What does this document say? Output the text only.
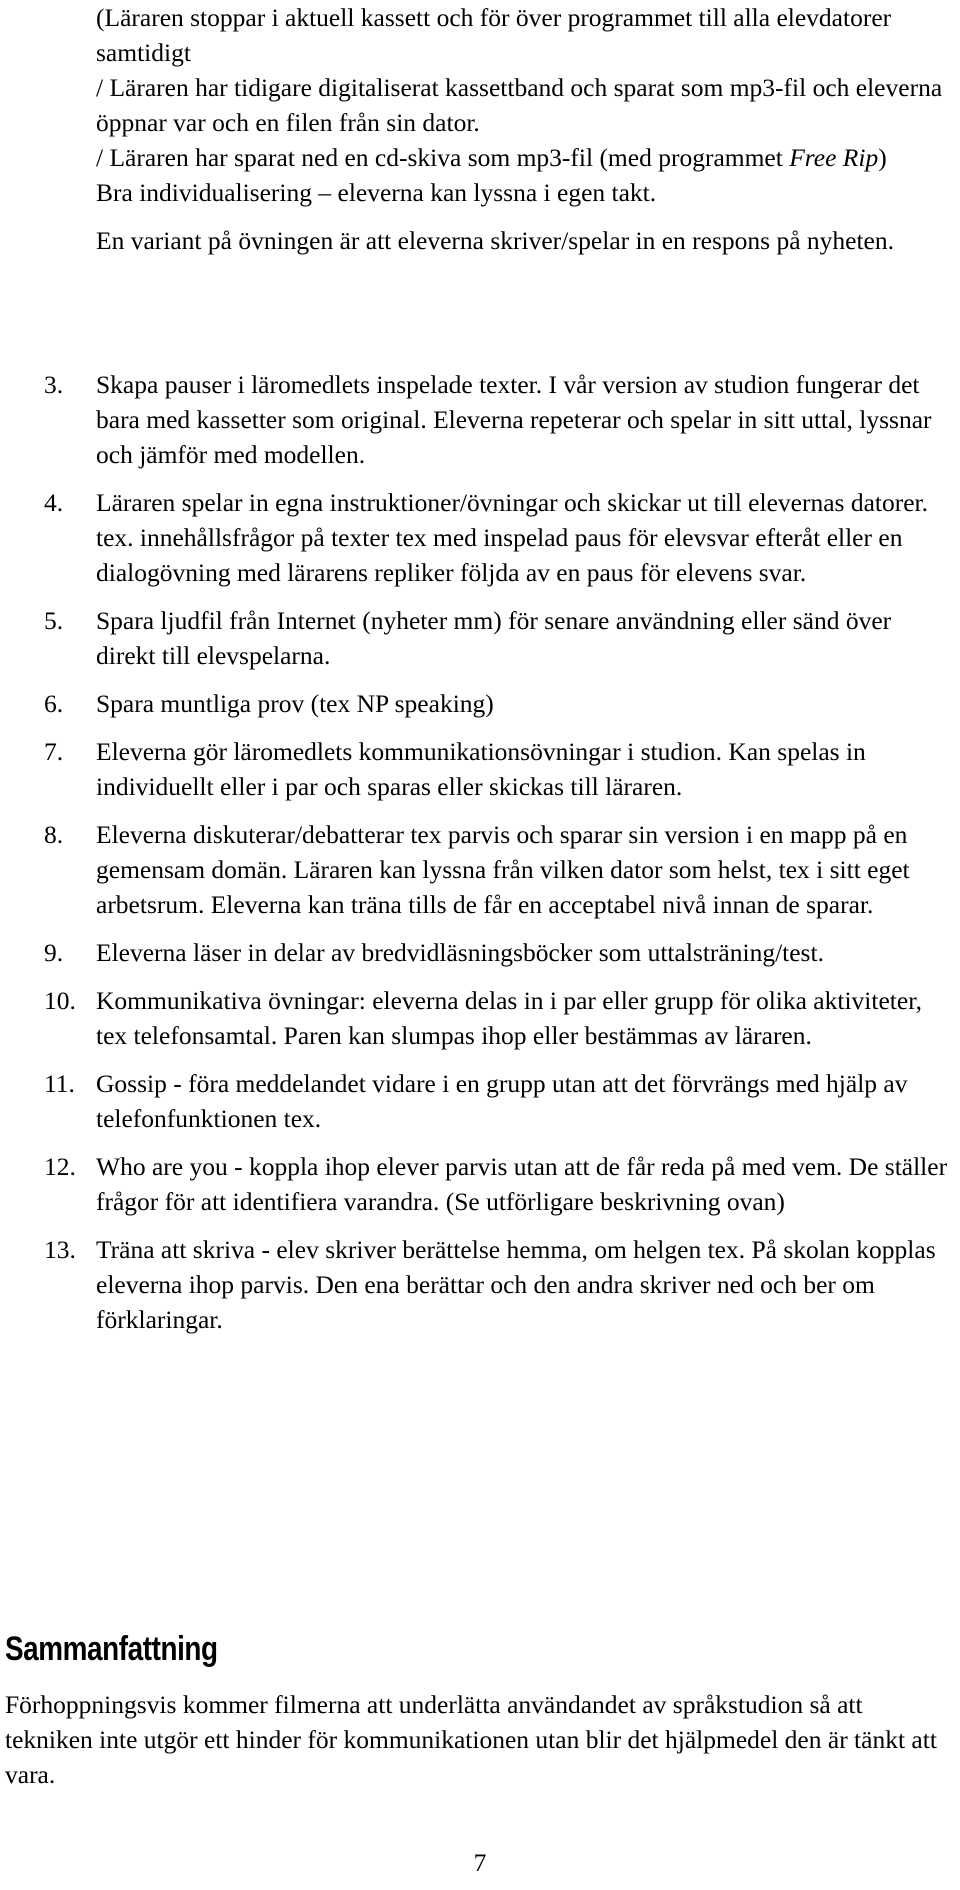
(Läraren stoppar i aktuell kassett och för över programmet till alla elevdatorer samtidigt

/ Läraren har tidigare digitaliserat kassettband och sparat som mp3-fil och eleverna öppnar var och en filen från sin dator.

/ Läraren har sparat ned en cd-skiva som mp3-fil (med programmet Free Rip)

Bra individualisering – eleverna kan lyssna i egen takt.

En variant på övningen är att eleverna skriver/spelar in en respons på nyheten.

3.	Skapa pauser i läromedlets inspelade texter. I vår version av studion fungerar det bara med kassetter som original. Eleverna repeterar och spelar in sitt uttal, lyssnar och jämför med modellen.
4.	Läraren spelar in egna instruktioner/övningar och skickar ut till elevernas datorer. tex. innehållsfrågor på texter tex med inspelad paus för elevsvar efteråt eller en dialogövning med lärarens repliker följda av en paus för elevens svar.
5.	Spara ljudfil från Internet (nyheter mm) för senare användning eller sänd över direkt till elevspelarna.
6.	Spara muntliga prov (tex NP speaking)
7.	Eleverna gör läromedlets kommunikationsövningar i studion. Kan spelas in individuellt eller i par och sparas eller skickas till läraren.
8.	Eleverna diskuterar/debatterar tex parvis och sparar sin version i en mapp på en gemensam domän. Läraren kan lyssna från vilken dator som helst, tex i sitt eget arbetsrum. Eleverna kan träna tills de får en acceptabel nivå innan de sparar.
9.	Eleverna läser in delar av bredvidläsningsböcker som uttalsträning/test.
10. Kommunikativa övningar: eleverna delas in i par eller grupp för olika aktiviteter, tex telefonsamtal. Paren kan slumpas ihop eller bestämmas av läraren.
11. Gossip - föra meddelandet vidare i en grupp utan att det förvrängs med hjälp av telefonfunktionen tex.
12. Who are you - koppla ihop elever parvis utan att de får reda på med vem. De ställer frågor för att identifiera varandra. (Se utförligare beskrivning ovan)
13. Träna att skriva - elev skriver berättelse hemma, om helgen tex. På skolan kopplas eleverna ihop parvis. Den ena berättar och den andra skriver ned och ber om förklaringar.
Sammanfattning

Förhoppningsvis kommer filmerna att underlätta användandet av språkstudion så att tekniken inte utgör ett hinder för kommunikationen utan blir det hjälpmedel den är tänkt att vara.

7
